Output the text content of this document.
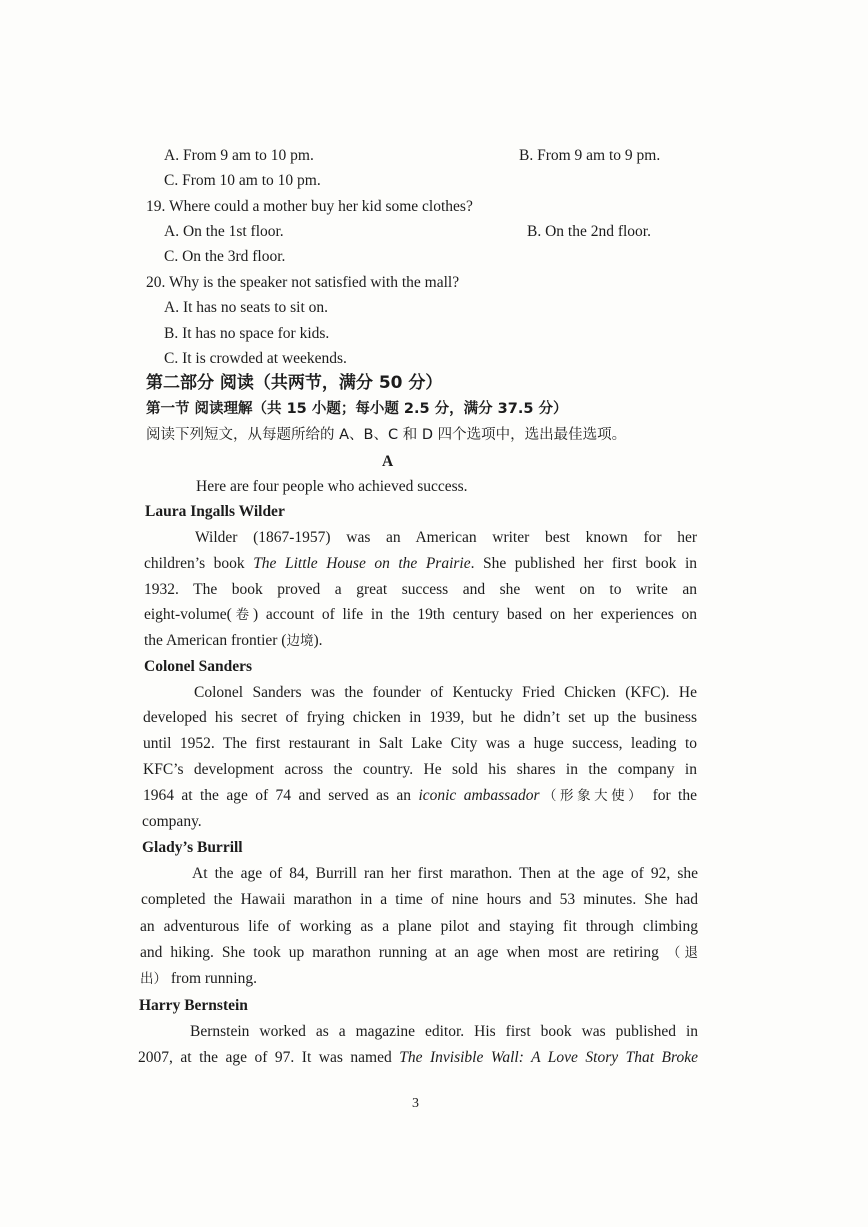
A. From 9 am to 10 pm.	B. From 9 am to 9 pm.
C. From 10 am to 10 pm.
19. Where could a mother buy her kid some clothes?
A. On the 1st floor.	B. On the 2nd floor.
C. On the 3rd floor.
20. Why is the speaker not satisfied with the mall?
A. It has no seats to sit on.
B. It has no space for kids.
C. It is crowded at weekends.
第二部分 阅读（共两节，满分 50 分）
第一节 阅读理解（共 15 小题；每小题 2.5 分，满分 37.5 分）
阅读下列短文，从每题所给的 A、B、C 和 D 四个选项中，选出最佳选项。
A
Here are four people who achieved success.
Laura Ingalls Wilder
Wilder (1867-1957) was an American writer best known for her
children’s book The Little House on the Prairie. She published her first book in
1932. The book proved a great success and she went on to write an
eight-volume(卷) account of life in the 19th century based on her experiences on
the American frontier (边境).
Colonel Sanders
Colonel Sanders was the founder of Kentucky Fried Chicken (KFC). He
developed his secret of frying chicken in 1939, but he didn’t set up the business
until 1952. The first restaurant in Salt Lake City was a huge success, leading to
KFC’s development across the country. He sold his shares in the company in
1964 at the age of 74 and served as an iconic ambassador（形象大使） for the
company.
Glady’s Burrill
At the age of 84, Burrill ran her first marathon. Then at the age of 92, she
completed the Hawaii marathon in a time of nine hours and 53 minutes. She had
an adventurous life of working as a plane pilot and staying fit through climbing
and hiking. She took up marathon running at an age when most are retiring （退
出） from running.
Harry Bernstein
Bernstein worked as a magazine editor. His first book was published in
2007, at the age of 97. It was named The Invisible Wall: A Love Story That Broke
3
